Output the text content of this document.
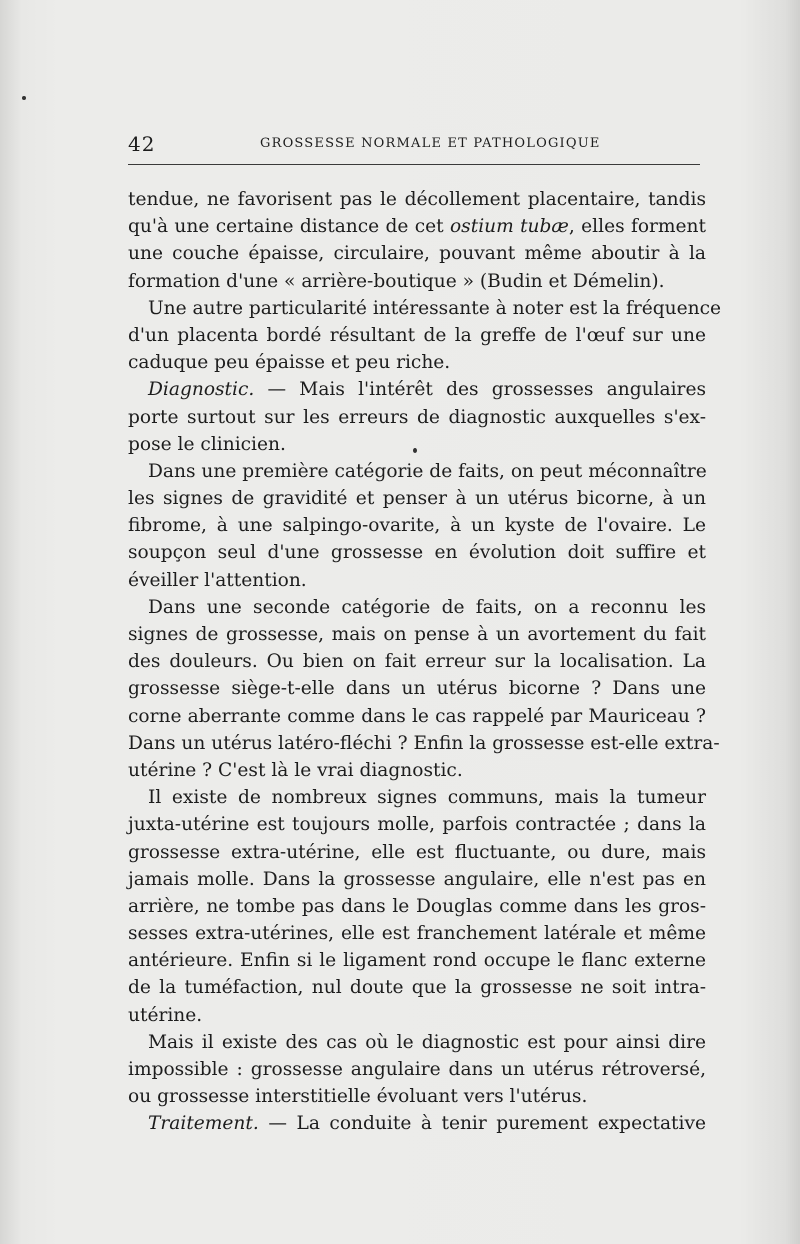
42	GROSSESSE NORMALE ET PATHOLOGIQUE
tendue, ne favorisent pas le décollement placentaire, tandis
qu'à une certaine distance de cet ostium tubæ, elles forment
une couche épaisse, circulaire, pouvant même aboutir à la
formation d'une « arrière-boutique » (Budin et Démelin).
Une autre particularité intéressante à noter est la fréquence
d'un placenta bordé résultant de la greffe de l'œuf sur une
caduque peu épaisse et peu riche.
Diagnostic. — Mais l'intérêt des grossesses angulaires
porte surtout sur les erreurs de diagnostic auxquelles s'ex-
pose le clinicien.
Dans une première catégorie de faits, on peut méconnaître
les signes de gravidité et penser à un utérus bicorne, à un
fibrome, à une salpingo-ovarite, à un kyste de l'ovaire. Le
soupçon seul d'une grossesse en évolution doit suffire et
éveiller l'attention.
Dans une seconde catégorie de faits, on a reconnu les
signes de grossesse, mais on pense à un avortement du fait
des douleurs. Ou bien on fait erreur sur la localisation. La
grossesse siège-t-elle dans un utérus bicorne ? Dans une
corne aberrante comme dans le cas rappelé par Mauriceau ?
Dans un utérus latéro-fléchi ? Enfin la grossesse est-elle extra-
utérine ? C'est là le vrai diagnostic.
Il existe de nombreux signes communs, mais la tumeur
juxta-utérine est toujours molle, parfois contractée ; dans la
grossesse extra-utérine, elle est fluctuante, ou dure, mais
jamais molle. Dans la grossesse angulaire, elle n'est pas en
arrière, ne tombe pas dans le Douglas comme dans les gros-
sesses extra-utérines, elle est franchement latérale et même
antérieure. Enfin si le ligament rond occupe le flanc externe
de la tuméfaction, nul doute que la grossesse ne soit intra-
utérine.
Mais il existe des cas où le diagnostic est pour ainsi dire
impossible : grossesse angulaire dans un utérus rétroversé,
ou grossesse interstitielle évoluant vers l'utérus.
Traitement. — La conduite à tenir purement expectative
